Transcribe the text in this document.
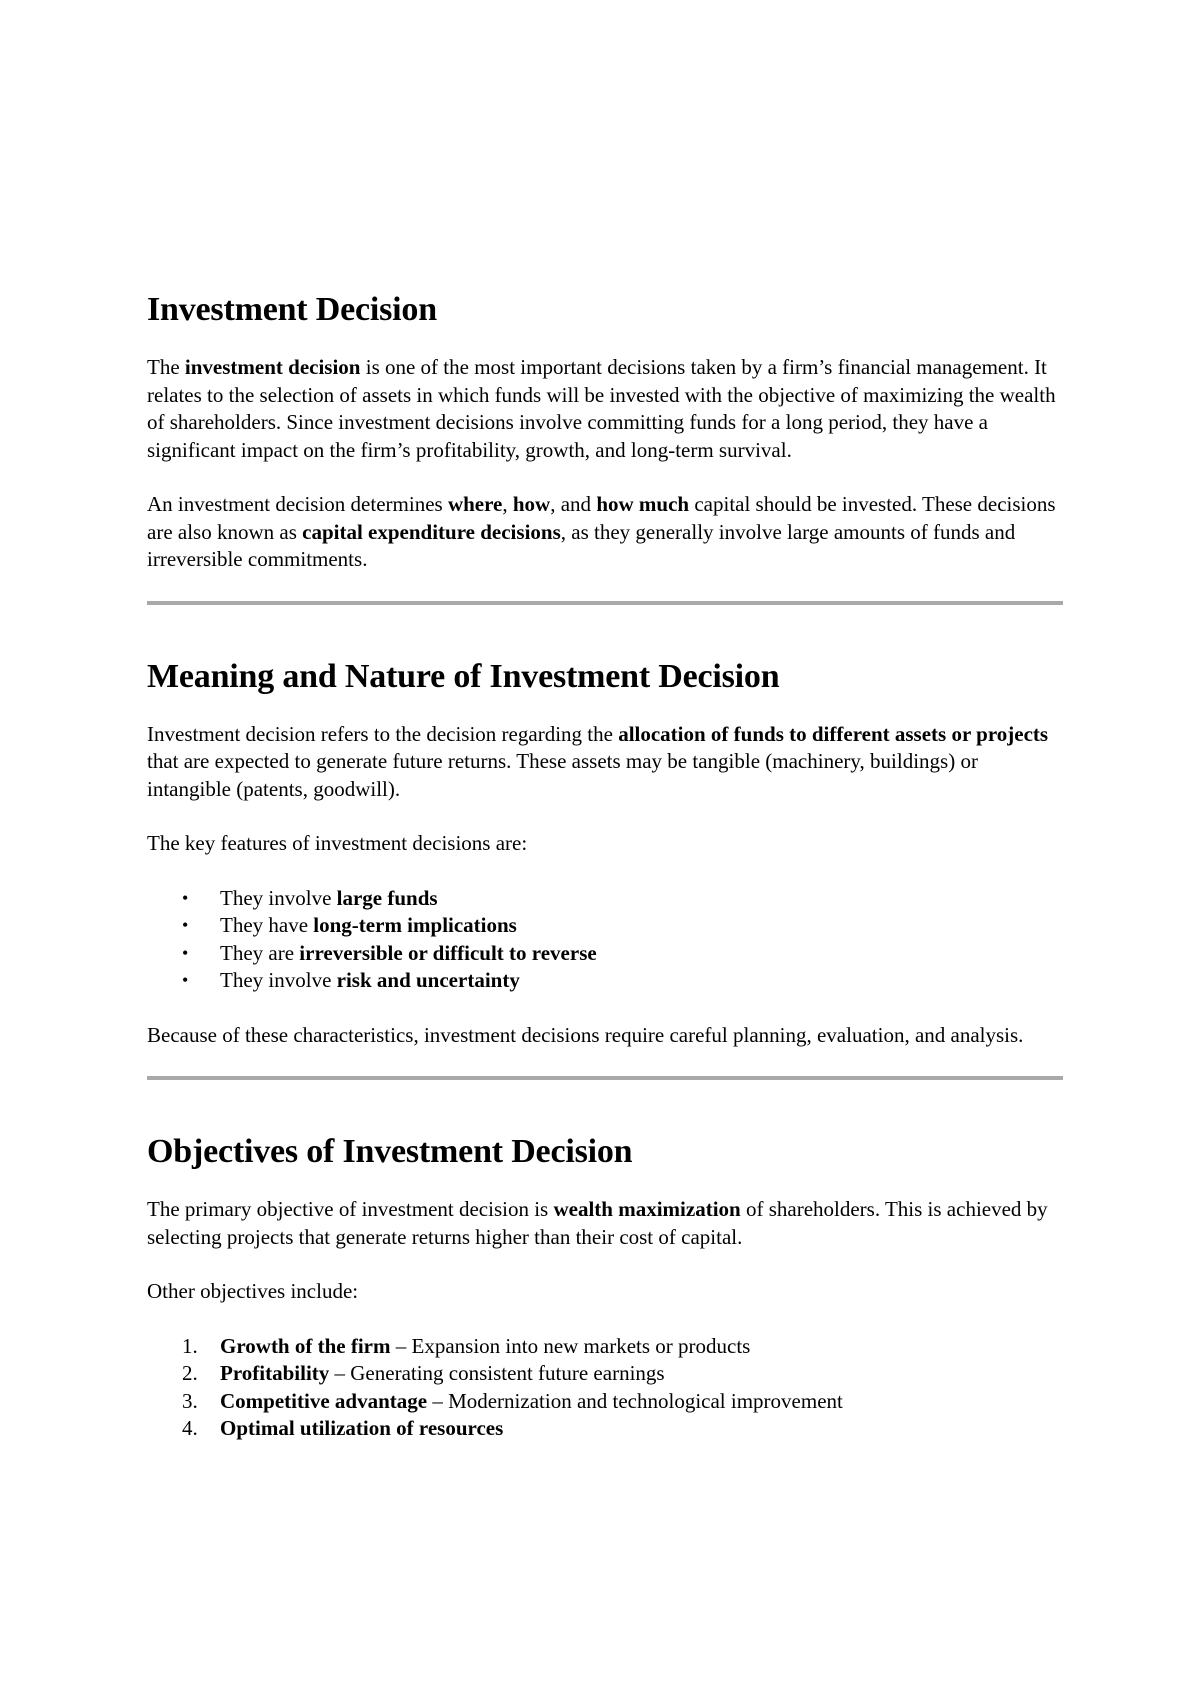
Investment Decision

The investment decision is one of the most important decisions taken by a firm’s financial management. It relates to the selection of assets in which funds will be invested with the objective of maximizing the wealth of shareholders. Since investment decisions involve committing funds for a long period, they have a significant impact on the firm’s profitability, growth, and long-term survival.

An investment decision determines where, how, and how much capital should be invested. These decisions are also known as capital expenditure decisions, as they generally involve large amounts of funds and irreversible commitments.

Meaning and Nature of Investment Decision

Investment decision refers to the decision regarding the allocation of funds to different assets or projects that are expected to generate future returns. These assets may be tangible (machinery, buildings) or intangible (patents, goodwill).

The key features of investment decisions are:

• They involve large funds
• They have long-term implications
• They are irreversible or difficult to reverse
• They involve risk and uncertainty

Because of these characteristics, investment decisions require careful planning, evaluation, and analysis.

Objectives of Investment Decision

The primary objective of investment decision is wealth maximization of shareholders. This is achieved by selecting projects that generate returns higher than their cost of capital.

Other objectives include:

1. Growth of the firm – Expansion into new markets or products
2. Profitability – Generating consistent future earnings
3. Competitive advantage – Modernization and technological improvement
4. Optimal utilization of resources
